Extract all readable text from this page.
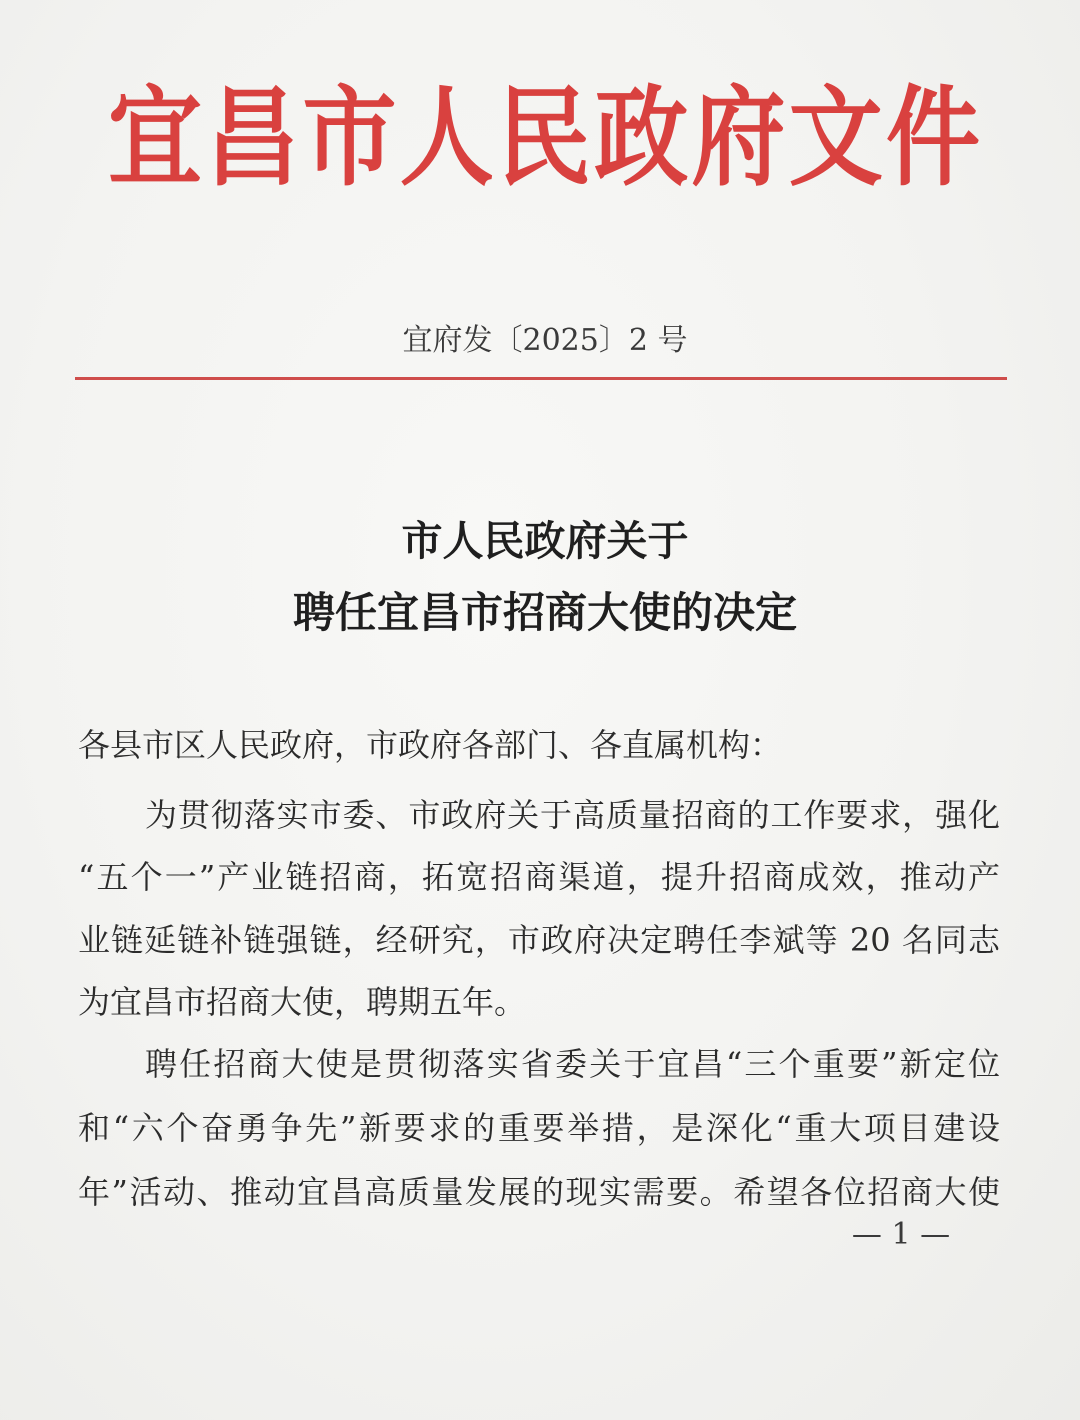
宜昌市人民政府文件
宜府发〔2025〕2 号
市人民政府关于
聘任宜昌市招商大使的决定

各县市区人民政府，市政府各部门、各直属机构：

为贯彻落实市委、市政府关于高质量招商的工作要求，强化

“五个一”产业链招商，拓宽招商渠道，提升招商成效，推动产

业链延链补链强链，经研究，市政府决定聘任李斌等 20 名同志

为宜昌市招商大使，聘期五年。

聘任招商大使是贯彻落实省委关于宜昌“三个重要”新定位

和“六个奋勇争先”新要求的重要举措，是深化“重大项目建设

年”活动、推动宜昌高质量发展的现实需要。希望各位招商大使

— 1 —
